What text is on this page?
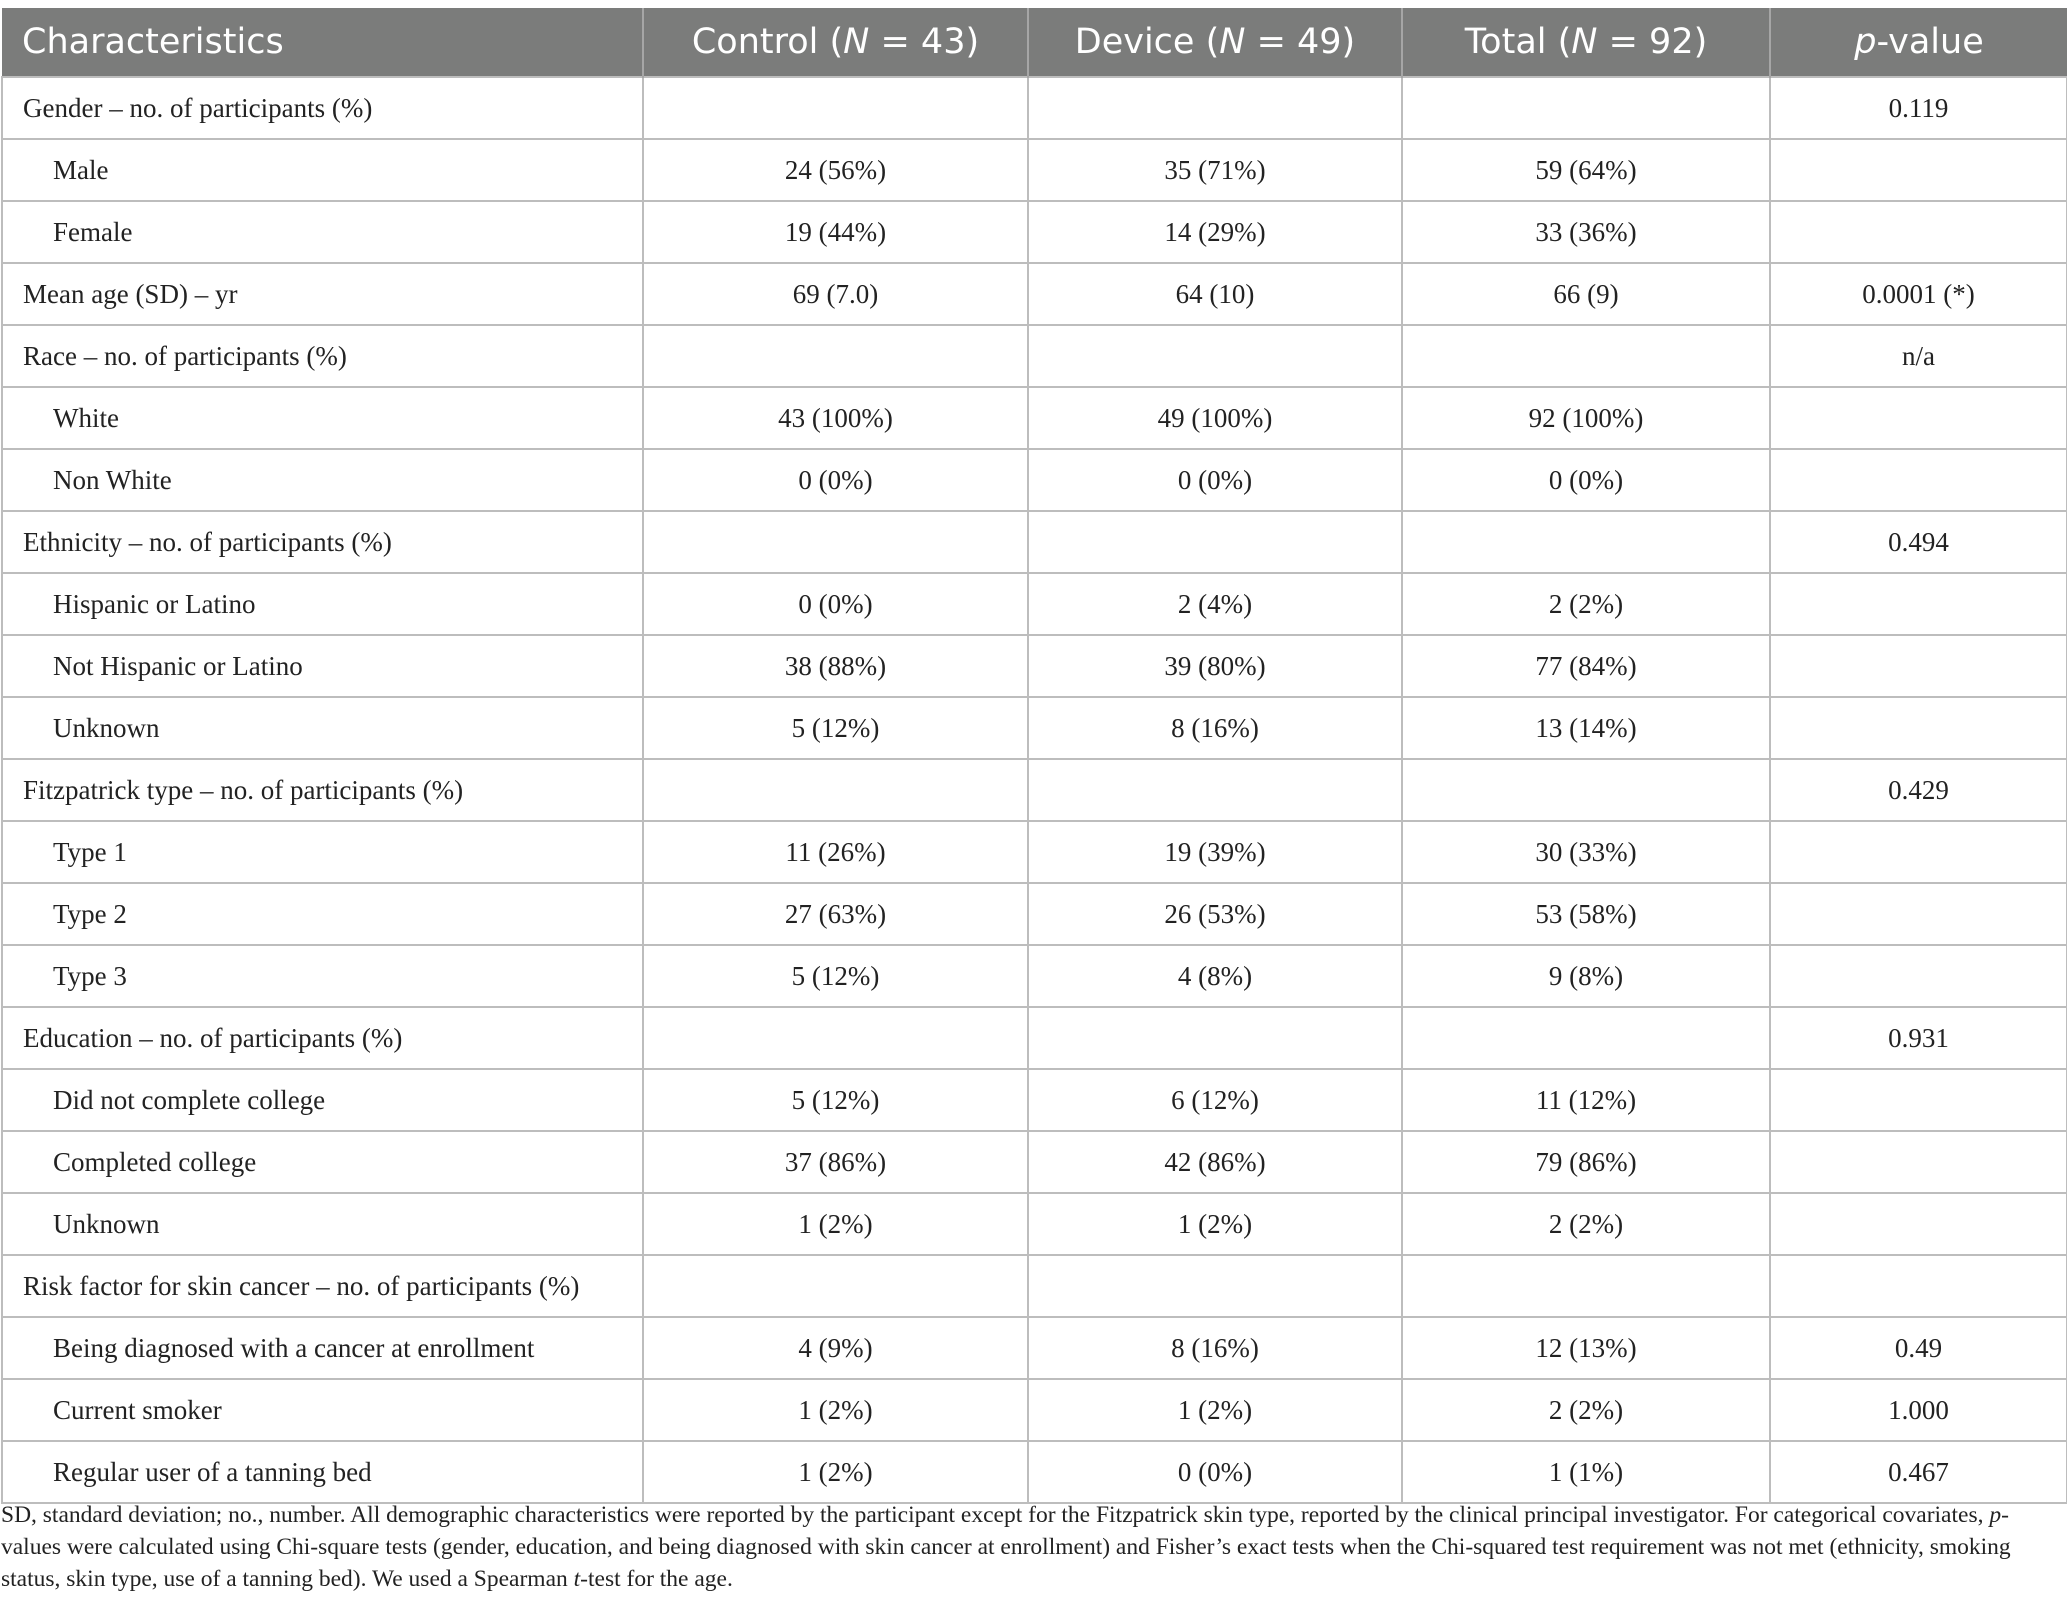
Characteristics	Control (N = 43)	Device (N = 49)	Total (N = 92)	p-value
Gender – no. of participants (%)				0.119
Male	24 (56%)	35 (71%)	59 (64%)	
Female	19 (44%)	14 (29%)	33 (36%)	
Mean age (SD) – yr	69 (7.0)	64 (10)	66 (9)	0.0001 (*)
Race – no. of participants (%)				n/a
White	43 (100%)	49 (100%)	92 (100%)	
Non White	0 (0%)	0 (0%)	0 (0%)	
Ethnicity – no. of participants (%)				0.494
Hispanic or Latino	0 (0%)	2 (4%)	2 (2%)	
Not Hispanic or Latino	38 (88%)	39 (80%)	77 (84%)	
Unknown	5 (12%)	8 (16%)	13 (14%)	
Fitzpatrick type – no. of participants (%)				0.429
Type 1	11 (26%)	19 (39%)	30 (33%)	
Type 2	27 (63%)	26 (53%)	53 (58%)	
Type 3	5 (12%)	4 (8%)	9 (8%)	
Education – no. of participants (%)				0.931
Did not complete college	5 (12%)	6 (12%)	11 (12%)	
Completed college	37 (86%)	42 (86%)	79 (86%)	
Unknown	1 (2%)	1 (2%)	2 (2%)	
Risk factor for skin cancer – no. of participants (%)				
Being diagnosed with a cancer at enrollment	4 (9%)	8 (16%)	12 (13%)	0.49
Current smoker	1 (2%)	1 (2%)	2 (2%)	1.000
Regular user of a tanning bed	1 (2%)	0 (0%)	1 (1%)	0.467

SD, standard deviation; no., number. All demographic characteristics were reported by the participant except for the Fitzpatrick skin type, reported by the clinical principal investigator. For categorical covariates, p-values were calculated using Chi-square tests (gender, education, and being diagnosed with skin cancer at enrollment) and Fisher’s exact tests when the Chi-squared test requirement was not met (ethnicity, smoking status, skin type, use of a tanning bed). We used a Spearman t-test for the age.
